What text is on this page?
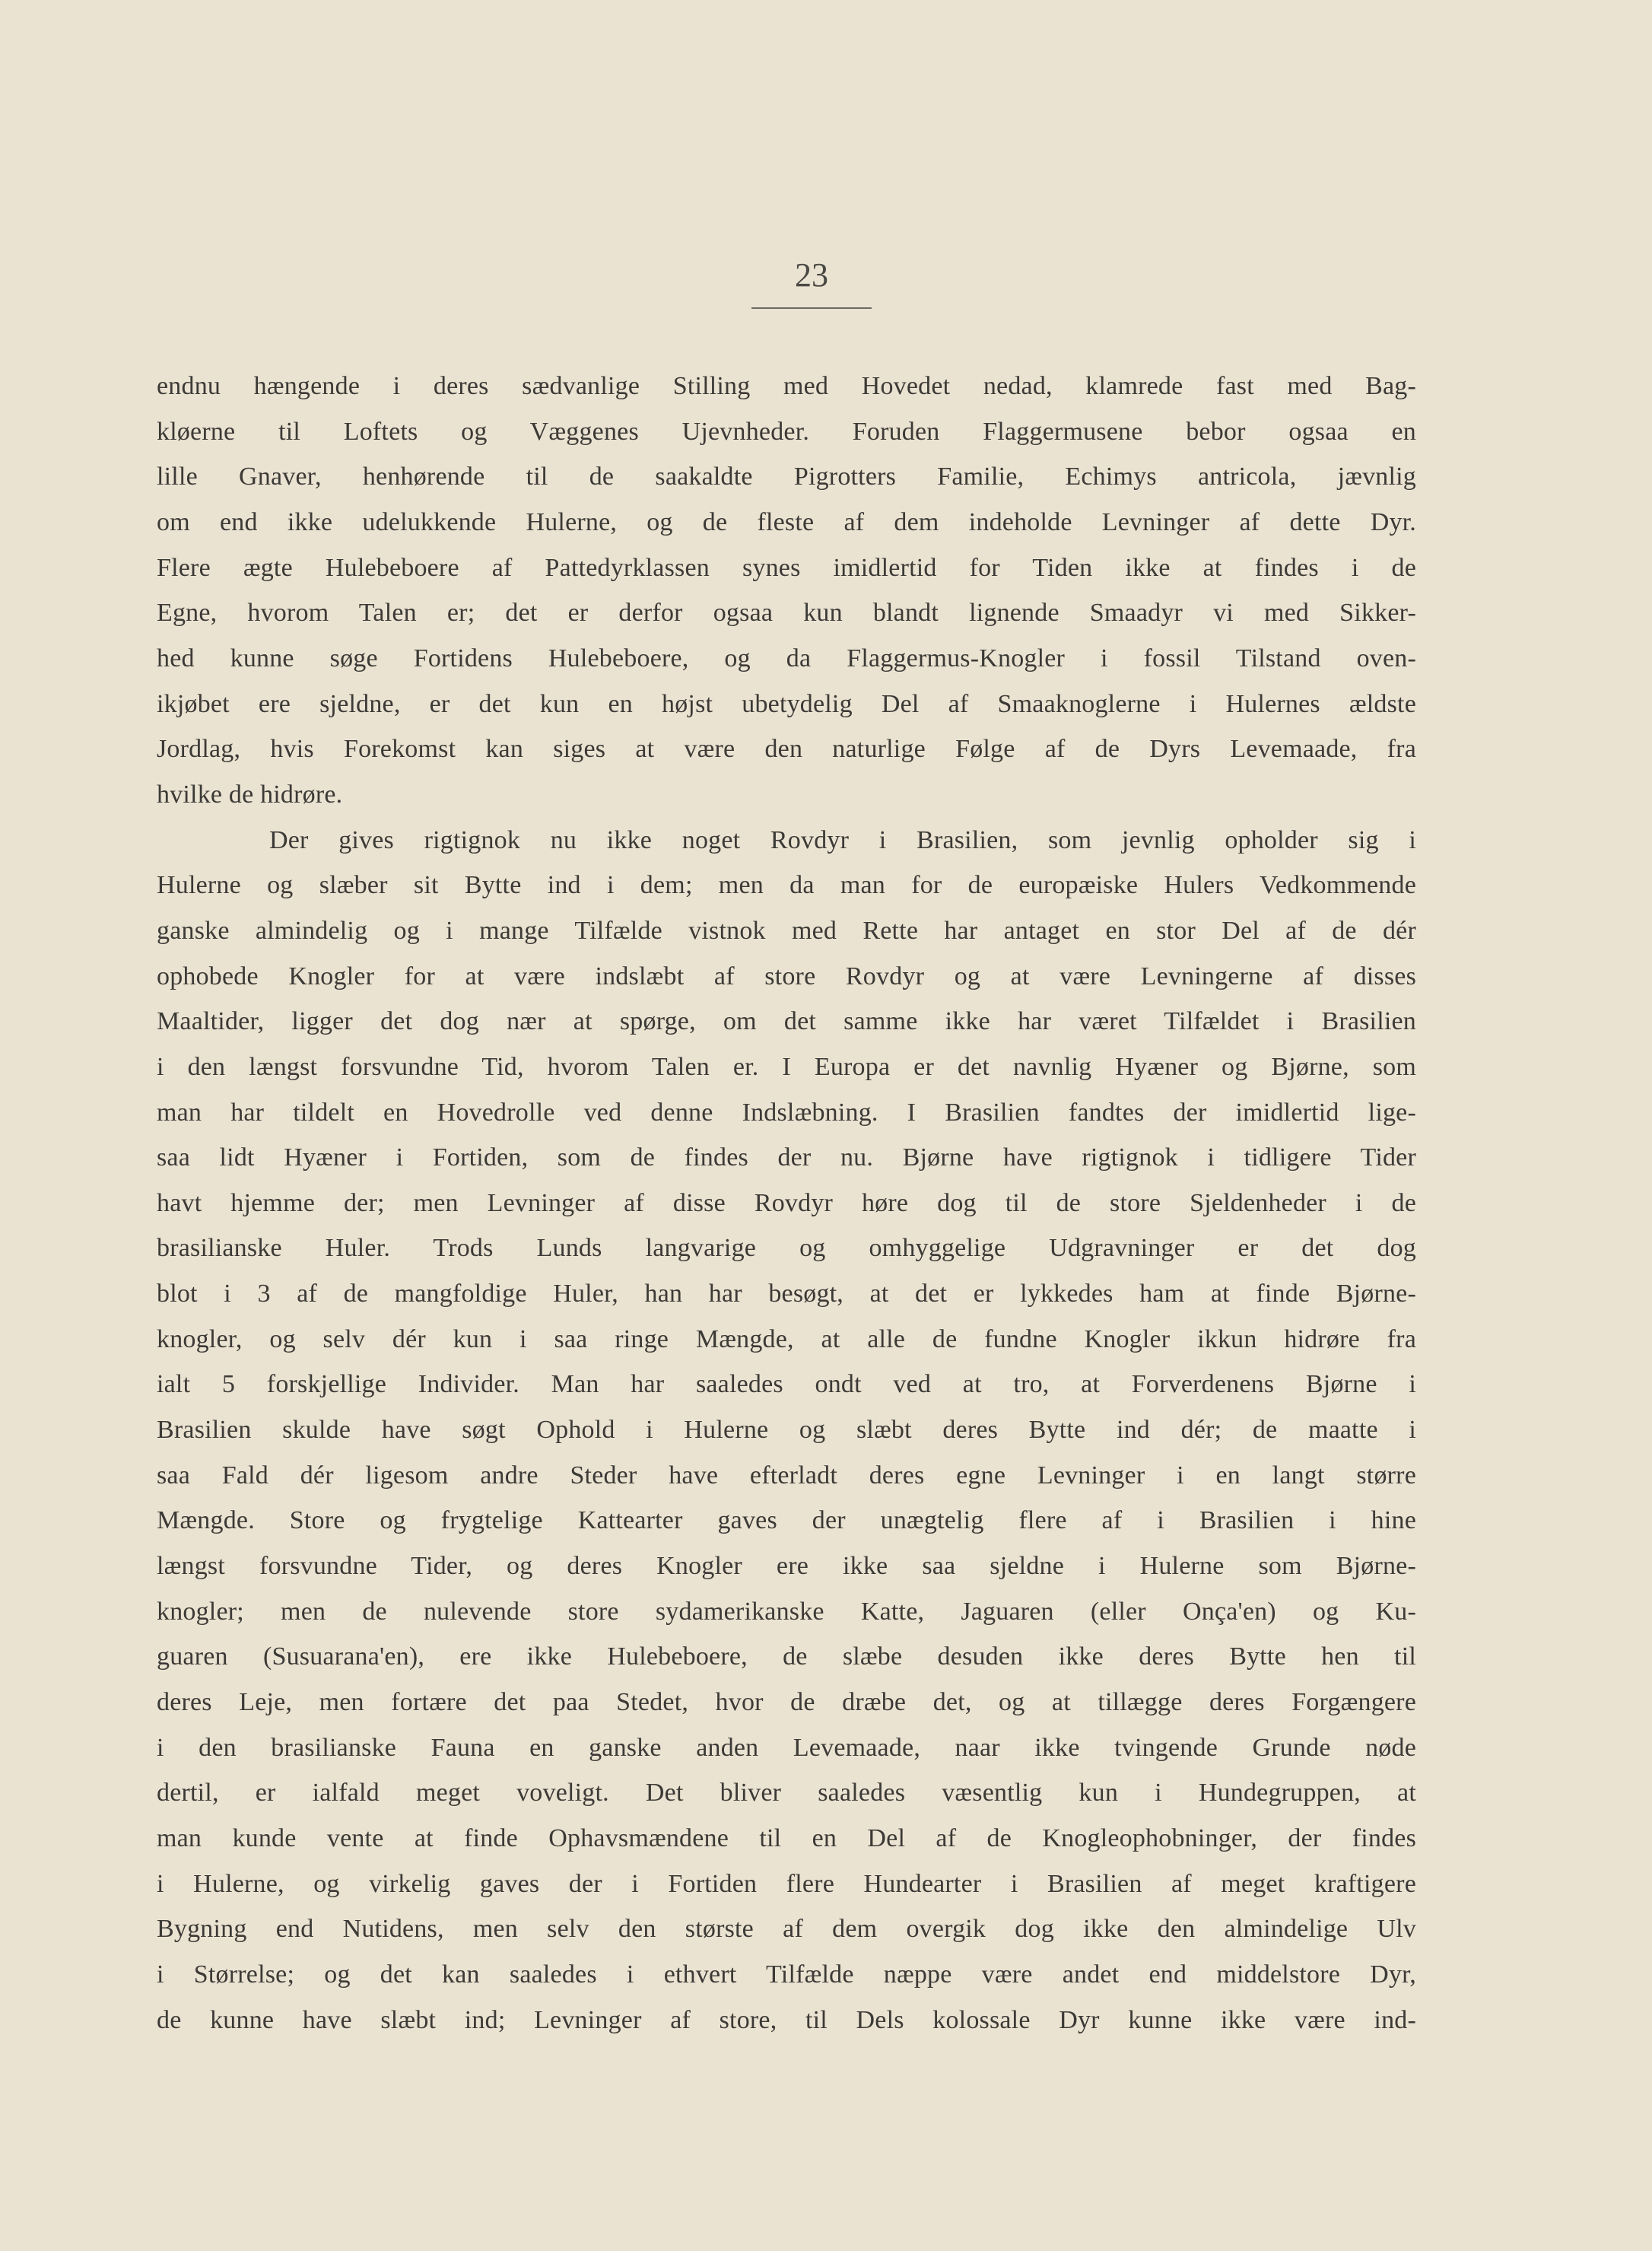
23
endnu hængende i deres sædvanlige Stilling med Hovedet nedad, klamrede fast med Bag-
kløerne til Loftets og Væggenes Ujevnheder. Foruden Flaggermusene bebor ogsaa en
lille Gnaver, henhørende til de saakaldte Pigrotters Familie, Echimys antricola, jævnlig
om end ikke udelukkende Hulerne, og de fleste af dem indeholde Levninger af dette Dyr.
Flere ægte Hulebeboere af Pattedyrklassen synes imidlertid for Tiden ikke at findes i de
Egne, hvorom Talen er; det er derfor ogsaa kun blandt lignende Smaadyr vi med Sikker-
hed kunne søge Fortidens Hulebeboere, og da Flaggermus-Knogler i fossil Tilstand oven-
ikjøbet ere sjeldne, er det kun en højst ubetydelig Del af Smaaknoglerne i Hulernes ældste
Jordlag, hvis Forekomst kan siges at være den naturlige Følge af de Dyrs Levemaade, fra
hvilke de hidrøre.
Der gives rigtignok nu ikke noget Rovdyr i Brasilien, som jevnlig opholder sig i
Hulerne og slæber sit Bytte ind i dem; men da man for de europæiske Hulers Vedkommende
ganske almindelig og i mange Tilfælde vistnok med Rette har antaget en stor Del af de dér
ophobede Knogler for at være indslæbt af store Rovdyr og at være Levningerne af disses
Maaltider, ligger det dog nær at spørge, om det samme ikke har været Tilfældet i Brasilien
i den længst forsvundne Tid, hvorom Talen er. I Europa er det navnlig Hyæner og Bjørne, som
man har tildelt en Hovedrolle ved denne Indslæbning. I Brasilien fandtes der imidlertid lige-
saa lidt Hyæner i Fortiden, som de findes der nu. Bjørne have rigtignok i tidligere Tider
havt hjemme der; men Levninger af disse Rovdyr høre dog til de store Sjeldenheder i de
brasilianske Huler. Trods Lunds langvarige og omhyggelige Udgravninger er det dog
blot i 3 af de mangfoldige Huler, han har besøgt, at det er lykkedes ham at finde Bjørne-
knogler, og selv dér kun i saa ringe Mængde, at alle de fundne Knogler ikkun hidrøre fra
ialt 5 forskjellige Individer. Man har saaledes ondt ved at tro, at Forverdenens Bjørne i
Brasilien skulde have søgt Ophold i Hulerne og slæbt deres Bytte ind dér; de maatte i
saa Fald dér ligesom andre Steder have efterladt deres egne Levninger i en langt større
Mængde. Store og frygtelige Kattearter gaves der unægtelig flere af i Brasilien i hine
længst forsvundne Tider, og deres Knogler ere ikke saa sjeldne i Hulerne som Bjørne-
knogler; men de nulevende store sydamerikanske Katte, Jaguaren (eller Onça'en) og Ku-
guaren (Susuarana'en), ere ikke Hulebeboere, de slæbe desuden ikke deres Bytte hen til
deres Leje, men fortære det paa Stedet, hvor de dræbe det, og at tillægge deres Forgængere
i den brasilianske Fauna en ganske anden Levemaade, naar ikke tvingende Grunde nøde
dertil, er ialfald meget voveligt. Det bliver saaledes væsentlig kun i Hundegruppen, at
man kunde vente at finde Ophavsmændene til en Del af de Knogleophobninger, der findes
i Hulerne, og virkelig gaves der i Fortiden flere Hundearter i Brasilien af meget kraftigere
Bygning end Nutidens, men selv den største af dem overgik dog ikke den almindelige Ulv
i Størrelse; og det kan saaledes i ethvert Tilfælde næppe være andet end middelstore Dyr,
de kunne have slæbt ind; Levninger af store, til Dels kolossale Dyr kunne ikke være ind-
